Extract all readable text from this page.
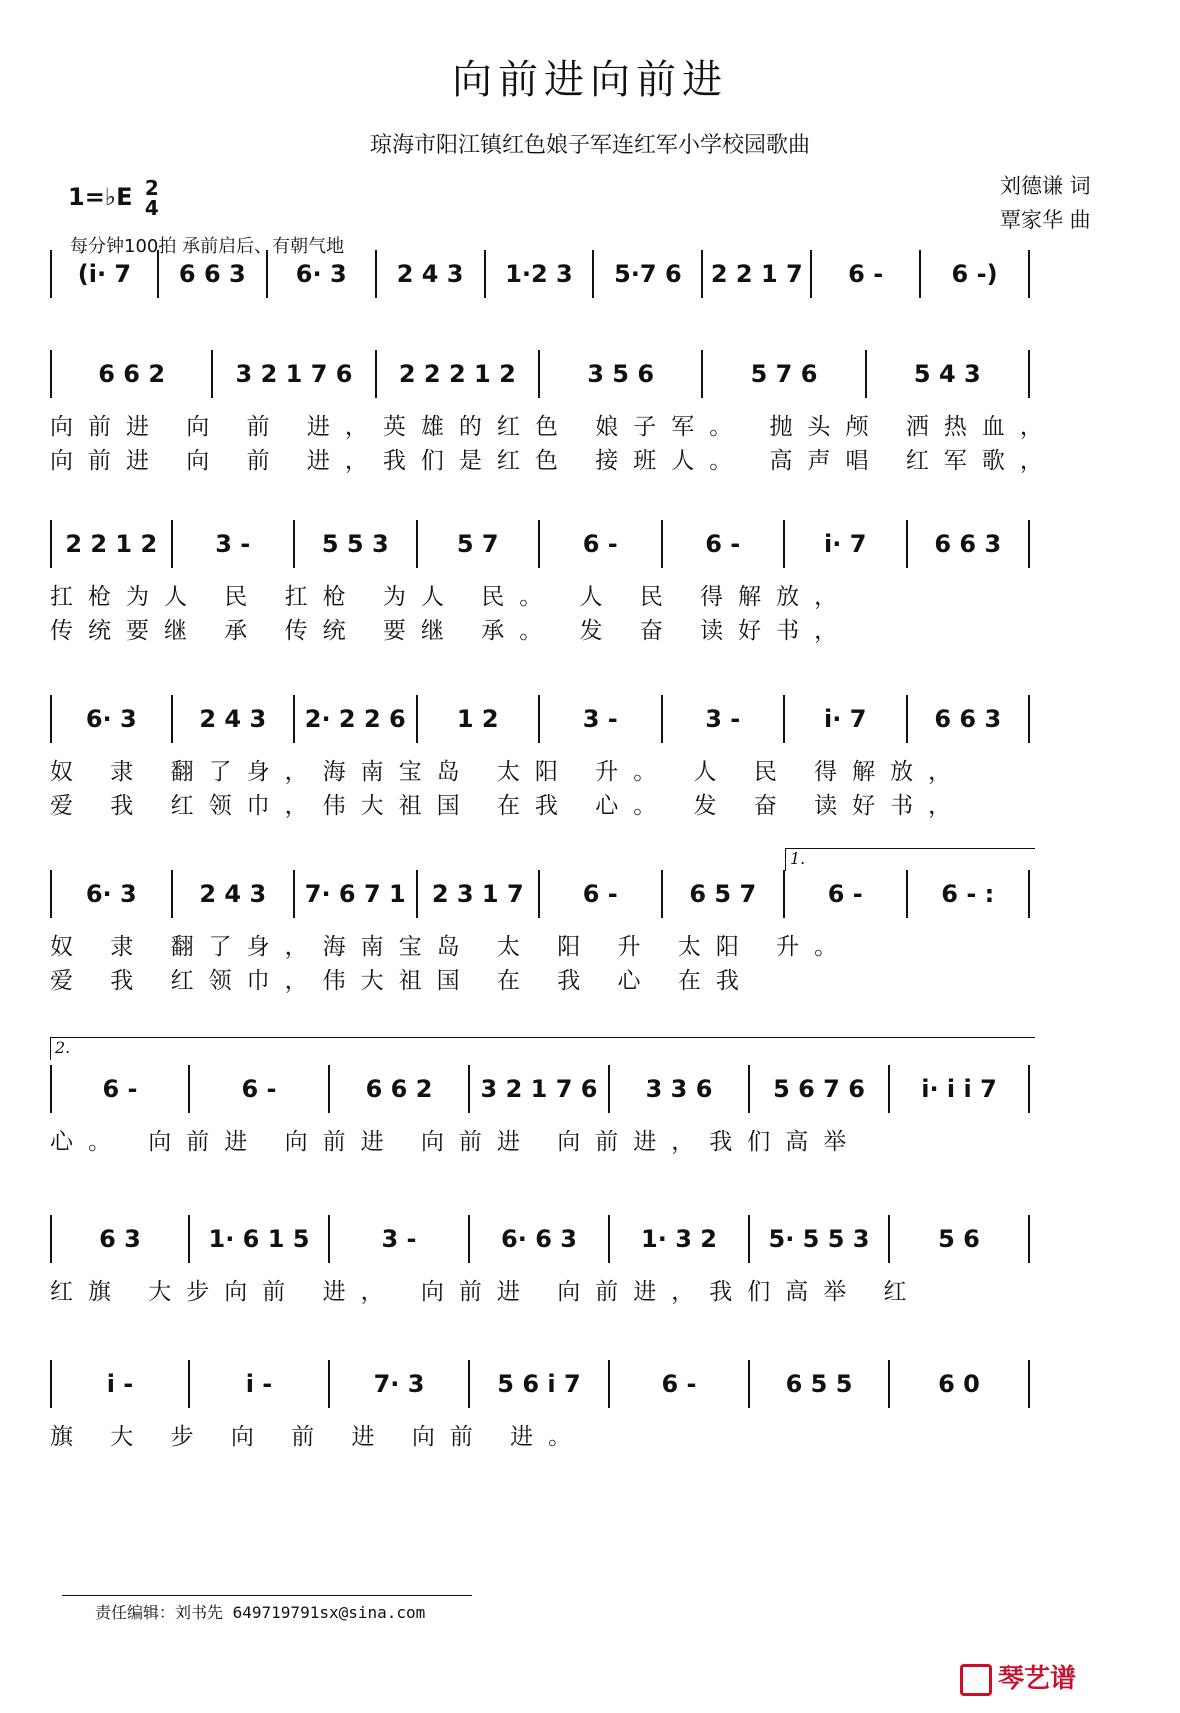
向前进向前进
琼海市阳江镇红色娘子军连红军小学校园歌曲
1=♭E 2
4
每分钟100拍 承前启后、有朝气地
刘德谦 词
覃家华 曲
(i· 7	6 6 3	6· 3	2 4 3	1·2 3	5·7 6	2 2 1 7	6 -	6 -)
6 6 2	3 2 1 7 6	2 2 2 1 2	3 5 6	5 7 6	5 4 3
向前进 向 前 进，英雄的红色 娘子军。 抛头颅 洒热血，
向前进 向 前 进，我们是红色 接班人。 高声唱 红军歌，
2 2 1 2	3 -	5 5 3	5 7	6 -	6 -	i· 7	6 6 3
扛枪为人 民 扛枪 为人 民。 人 民 得解放，
传统要继 承 传统 要继 承。 发 奋 读好书，
6· 3	2 4 3	2· 2 2 6	1 2	3 -	3 -	i· 7	6 6 3
奴 隶 翻了身，海南宝岛 太阳 升。 人 民 得解放，
爱 我 红领巾，伟大祖国 在我 心。 发 奋 读好书，
6· 3	2 4 3	7· 6 7 1	2 3 1 7	6 -	6 5 7	6 -	6 - :
1.
奴 隶 翻了身，海南宝岛 太 阳 升 太阳 升。
爱 我 红领巾，伟大祖国 在 我 心 在我
6 -	6 -	6 6 2	3 2 1 7 6	3 3 6	5 6 7 6	i· i i 7
2.
心。 向前进 向前进 向前进 向前进，我们高举
6 3	1· 6 1 5	3 -	6· 6 3	1· 3 2	5· 5 5 3	5 6
红旗 大步向前 进， 向前进 向前进，我们高举 红
i -	i -	7· 3	5 6 i 7	6 -	6 5 5	6 0
旗 大 步 向 前 进 向前 进。
责任编辑：刘书先 649719791sx@sina.com
琴艺谱
